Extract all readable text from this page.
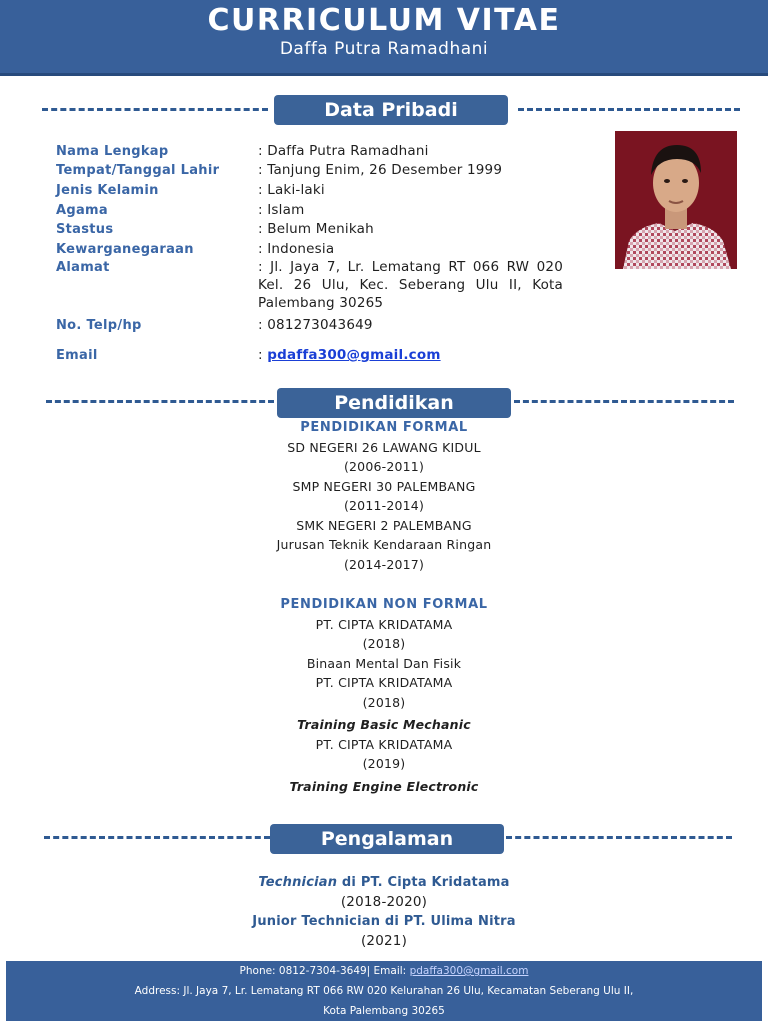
CURRICULUM VITAE
Daffa Putra Ramadhani
Data Pribadi
Nama Lengkap	: Daffa Putra Ramadhani
Tempat/Tanggal Lahir	: Tanjung Enim, 26 Desember 1999
Jenis Kelamin	: Laki-laki
Agama	: Islam
Stastus	: Belum Menikah
Kewarganegaraan	: Indonesia
Alamat	: Jl. Jaya 7, Lr. Lematang RT 066 RW 020 Kel. 26 Ulu, Kec. Seberang Ulu II, Kota Palembang 30265
No. Telp/hp	: 081273043649
Email	: pdaffa300@gmail.com
Pendidikan
PENDIDIKAN FORMAL
SD NEGERI 26 LAWANG KIDUL
(2006-2011)
SMP NEGERI 30 PALEMBANG
(2011-2014)
SMK NEGERI 2 PALEMBANG
Jurusan Teknik Kendaraan Ringan
(2014-2017)
PENDIDIKAN NON FORMAL
PT. CIPTA KRIDATAMA
(2018)
Binaan Mental Dan Fisik
PT. CIPTA KRIDATAMA
(2018)
Training Basic Mechanic
PT. CIPTA KRIDATAMA
(2019)
Training Engine Electronic
Pengalaman
Technician di PT. Cipta Kridatama
(2018-2020)
Junior Technician di PT. Ulima Nitra
(2021)
Phone: 0812-7304-3649| Email: pdaffa300@gmail.com
Address: Jl. Jaya 7, Lr. Lematang RT 066 RW 020 Kelurahan 26 Ulu, Kecamatan Seberang Ulu II,
Kota Palembang 30265
